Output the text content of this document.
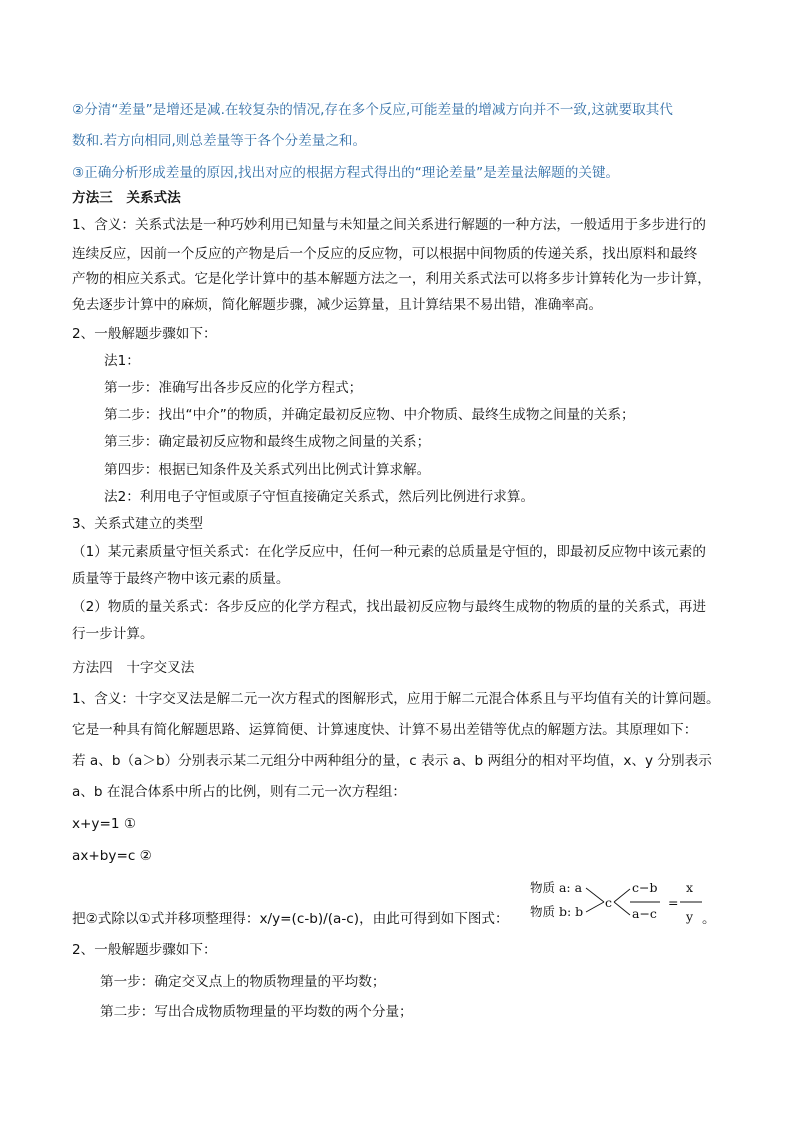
②分清“差量”是增还是减.在较复杂的情况,存在多个反应,可能差量的增减方向并不一致,这就要取其代
数和.若方向相同,则总差量等于各个分差量之和。
③正确分析形成差量的原因,找出对应的根据方程式得出的“理论差量”是差量法解题的关键。
方法三　关系式法
1、含义：关系式法是一种巧妙利用已知量与未知量之间关系进行解题的一种方法，一般适用于多步进行的
连续反应，因前一个反应的产物是后一个反应的反应物，可以根据中间物质的传递关系，找出原料和最终
产物的相应关系式。它是化学计算中的基本解题方法之一，利用关系式法可以将多步计算转化为一步计算，
免去逐步计算中的麻烦，简化解题步骤，减少运算量，且计算结果不易出错，准确率高。
2、一般解题步骤如下：
法1：
第一步：准确写出各步反应的化学方程式；
第二步：找出“中介”的物质，并确定最初反应物、中介物质、最终生成物之间量的关系；
第三步：确定最初反应物和最终生成物之间量的关系；
第四步：根据已知条件及关系式列出比例式计算求解。
法2：利用电子守恒或原子守恒直接确定关系式，然后列比例进行求算。
3、关系式建立的类型
（1）某元素质量守恒关系式：在化学反应中，任何一种元素的总质量是守恒的，即最初反应物中该元素的
质量等于最终产物中该元素的质量。
（2）物质的量关系式：各步反应的化学方程式，找出最初反应物与最终生成物的物质的量的关系式，再进
行一步计算。
方法四　十字交叉法
1、含义：十字交叉法是解二元一次方程式的图解形式，应用于解二元混合体系且与平均值有关的计算问题。
它是一种具有简化解题思路、运算简便、计算速度快、计算不易出差错等优点的解题方法。其原理如下：
若 a、b（a＞b）分别表示某二元组分中两种组分的量，c 表示 a、b 两组分的相对平均值，x、y 分别表示
a、b 在混合体系中所占的比例，则有二元一次方程组：
x+y=1 ①
ax+by=c ②
把②式除以①式并移项整理得：x/y=(c-b)/(a-c)，由此可得到如下图式：	。
物质 a: a
物质 b: b
c
c−b
a−c
=
x
y
2、一般解题步骤如下：
第一步：确定交叉点上的物质物理量的平均数；
第二步：写出合成物质物理量的平均数的两个分量；
